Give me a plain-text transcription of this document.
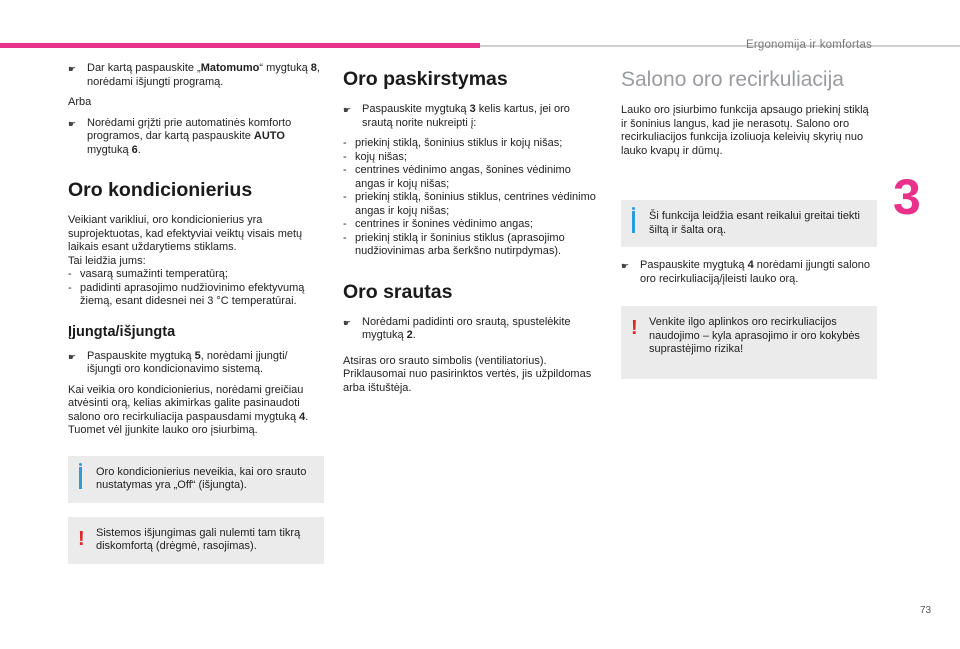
Ergonomija ir komfortas
3
73
☛ Dar kartą paspauskite „Matomumo“ mygtuką 8, norėdami išjungti programą.

Arba

☛ Norėdami grįžti prie automatinės komforto programos, dar kartą paspauskite AUTO mygtuką 6.

Oro kondicionierius

Veikiant varikliui, oro kondicionierius yra suprojektuotas, kad efektyviai veiktų visais metų laikais esant uždarytiems stiklams.

Tai leidžia jums:

- vasarą sumažinti temperatūrą;
- padidinti aprasojimo nudžiovinimo efektyvumą žiemą, esant didesnei nei 3 °C temperatūrai.
Įjungta/išjungta
☛ Paspauskite mygtuką 5, norėdami įjungti/ išjungti oro kondicionavimo sistemą.

Kai veikia oro kondicionierius, norėdami greičiau atvėsinti orą, kelias akimirkas galite pasinaudoti salono oro recirkuliacija paspausdami mygtuką 4. Tuomet vėl įjunkite lauko oro įsiurbimą.

Oro kondicionierius neveikia, kai oro srauto nustatymas yra „Off“ (išjungta).

!	Sistemos išjungimas gali nulemti tam tikrą diskomfortą (drėgmė, rasojimas).

Oro paskirstymas
☛ Paspauskite mygtuką 3 kelis kartus, jei oro srautą norite nukreipti į:

- priekinį stiklą, šoninius stiklus ir kojų nišas;
- kojų nišas;
- centrines vėdinimo angas, šonines vėdinimo angas ir kojų nišas;
- priekinį stiklą, šoninius stiklus, centrines vėdinimo angas ir kojų nišas;
- centrines ir šonines vėdinimo angas;
- priekinį stiklą ir šoninius stiklus (aprasojimo nudžiovinimas arba šerkšno nutirpdymas).
Oro srautas
☛ Norėdami padidinti oro srautą, spustelėkite mygtuką 2.

Atsiras oro srauto simbolis (ventiliatorius). Priklausomai nuo pasirinktos vertės, jis užpildomas arba ištuštėja.

Salono oro recirkuliacija

Lauko oro įsiurbimo funkcija apsaugo priekinį stiklą ir šoninius langus, kad jie nerasotų. Salono oro recirkuliacijos funkcija izoliuoja keleivių skyrių nuo lauko kvapų ir dūmų.

Ši funkcija leidžia esant reikalui greitai tiekti šiltą ir šalta orą.

☛ Paspauskite mygtuką 4 norėdami įjungti salono oro recirkuliaciją/įleisti lauko orą.

!	Venkite ilgo aplinkos oro recirkuliacijos naudojimo – kyla aprasojimo ir oro kokybės suprastėjimo rizika!
